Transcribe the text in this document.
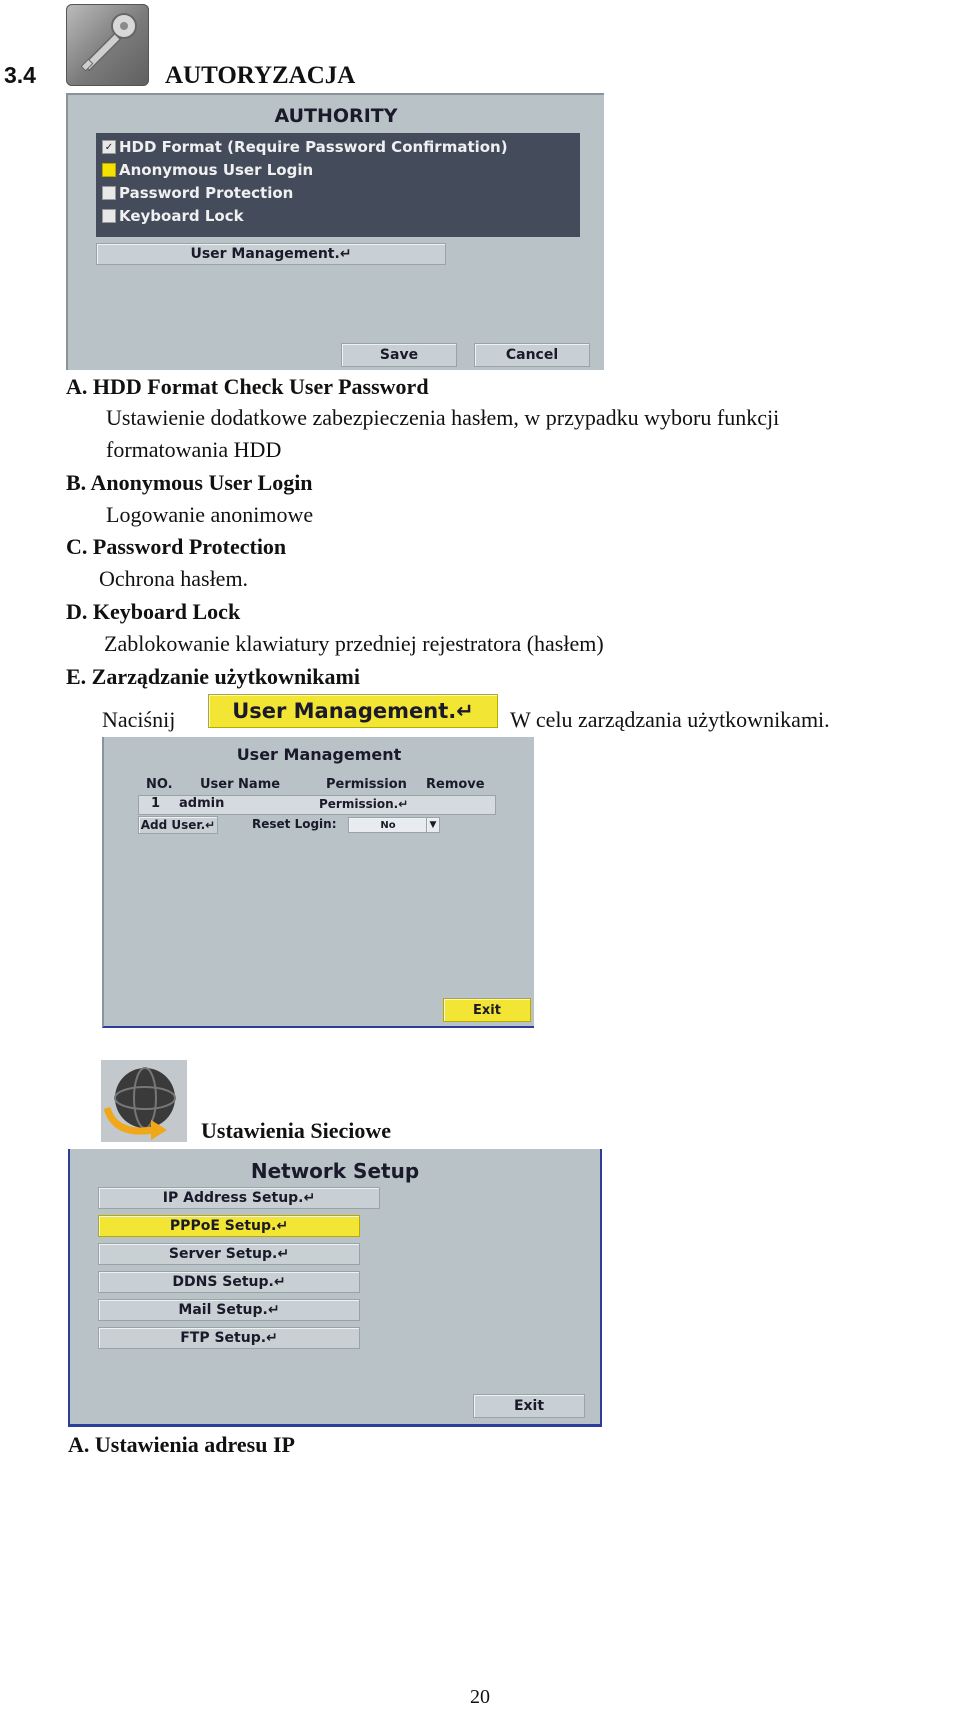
3.4	AUTORYZACJA
AUTHORITY
✓ HDD Format (Require Password Confirmation)
Anonymous User Login
Password Protection
Keyboard Lock
User Management.↵
Save	Cancel
A. HDD Format Check User Password
Ustawienie dodatkowe zabezpieczenia hasłem, w przypadku wyboru funkcji
formatowania HDD
B. Anonymous User Login
Logowanie anonimowe
C. Password Protection
Ochrona hasłem.
D. Keyboard Lock
Zablokowanie klawiatury przedniej rejestratora (hasłem)
E. Zarządzanie użytkownikami
Naciśnij	User Management.↵	W celu zarządzania użytkownikami.
User Management
NO. User Name	Permission Remove
1 admin	Permission.↵
Add User.↵	Reset Login:	No	▼
Exit
Ustawienia Sieciowe
Network Setup
IP Address Setup.↵
PPPoE Setup.↵
Server Setup.↵
DDNS Setup.↵
Mail Setup.↵
FTP Setup.↵
Exit
A. Ustawienia adresu IP
20
